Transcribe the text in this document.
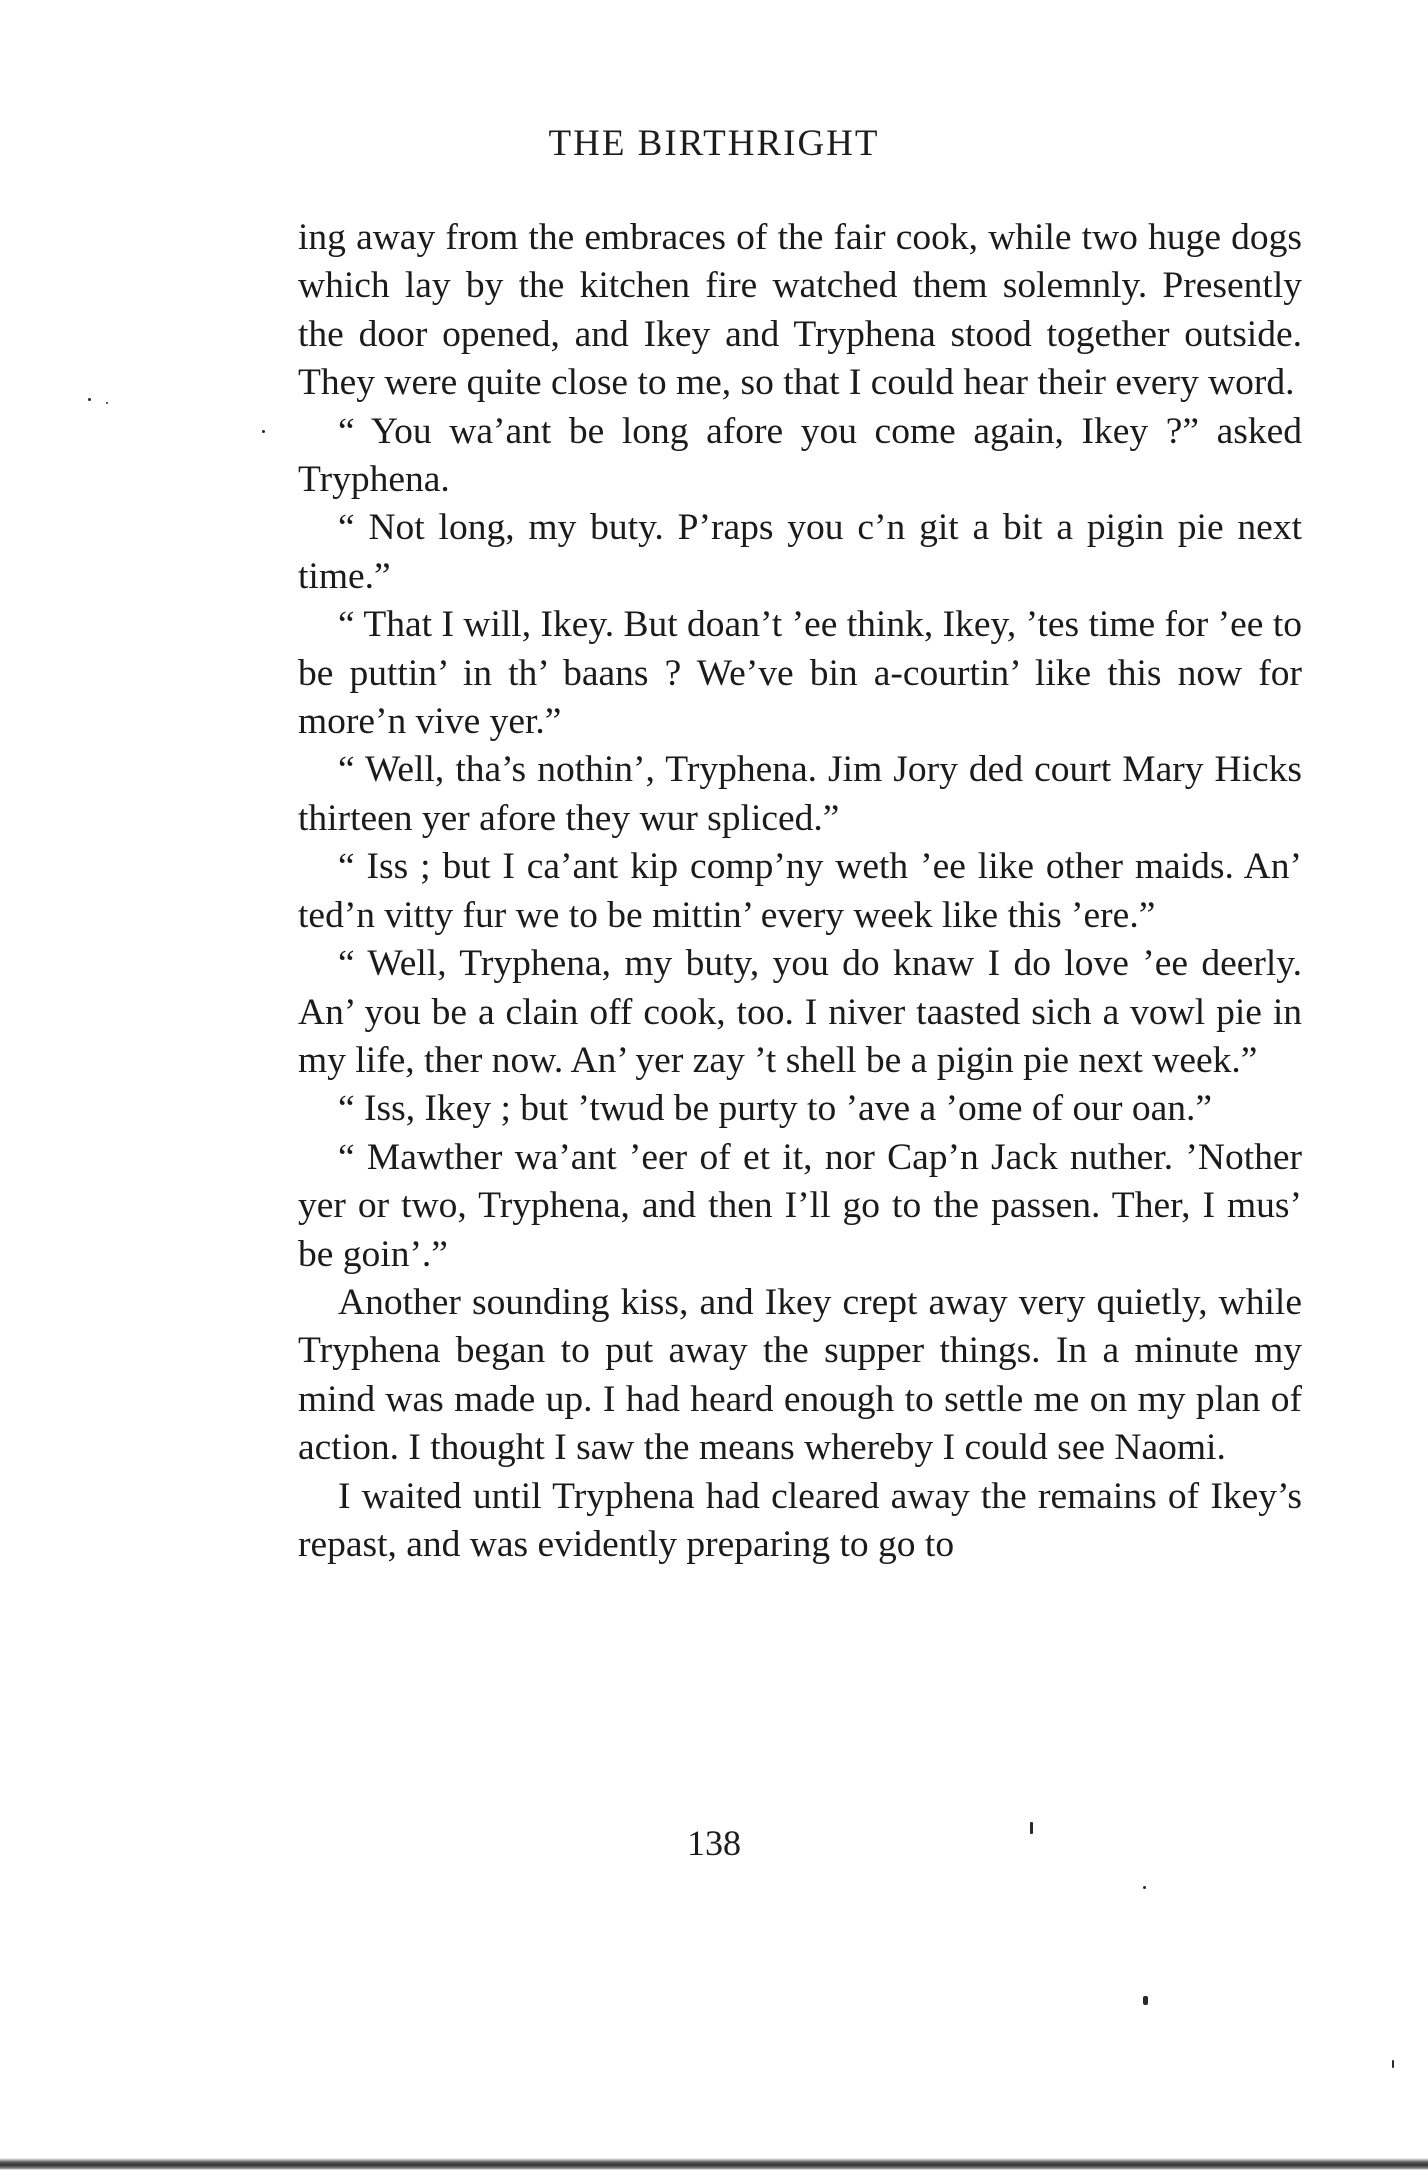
THE BIRTHRIGHT

ing away from the embraces of the fair cook, while two huge dogs which lay by the kitchen fire watched them solemnly. Presently the door opened, and Ikey and Tryphena stood together outside. They were quite close to me, so that I could hear their every word.

“ You wa’ant be long afore you come again, Ikey ?” asked Tryphena.

“ Not long, my buty. P’raps you c’n git a bit a pigin pie next time.”

“ That I will, Ikey. But doan’t ’ee think, Ikey, ’tes time for ’ee to be puttin’ in th’ baans ? We’ve bin a-courtin’ like this now for more’n vive yer.”

“ Well, tha’s nothin’, Tryphena. Jim Jory ded court Mary Hicks thirteen yer afore they wur spliced.”

“ Iss ; but I ca’ant kip comp’ny weth ’ee like other maids. An’ ted’n vitty fur we to be mittin’ every week like this ’ere.”

“ Well, Tryphena, my buty, you do knaw I do love ’ee deerly. An’ you be a clain off cook, too. I niver taasted sich a vowl pie in my life, ther now. An’ yer zay ’t shell be a pigin pie next week.”

“ Iss, Ikey ; but ’twud be purty to ’ave a ’ome of our oan.”

“ Mawther wa’ant ’eer of et it, nor Cap’n Jack nuther. ’Nother yer or two, Tryphena, and then I’ll go to the passen. Ther, I mus’ be goin’.”

Another sounding kiss, and Ikey crept away very quietly, while Tryphena began to put away the supper things. In a minute my mind was made up. I had heard enough to settle me on my plan of action. I thought I saw the means whereby I could see Naomi.

I waited until Tryphena had cleared away the remains of Ikey’s repast, and was evidently preparing to go to

138
